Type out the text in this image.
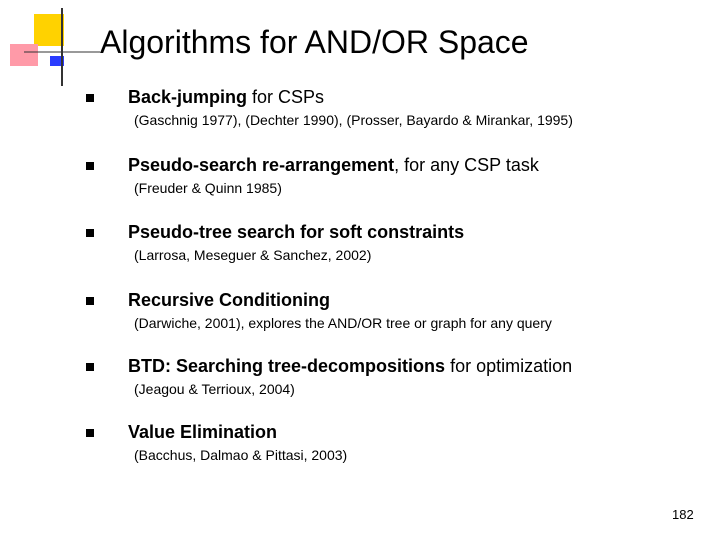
Algorithms for AND/OR Space
Back-jumping for CSPs
(Gaschnig 1977), (Dechter 1990), (Prosser, Bayardo & Mirankar, 1995)
Pseudo-search re-arrangement, for any CSP task
(Freuder & Quinn 1985)
Pseudo-tree search for soft constraints
(Larrosa, Meseguer & Sanchez, 2002)
Recursive Conditioning
(Darwiche, 2001), explores the AND/OR tree or graph for any query
BTD: Searching tree-decompositions for optimization
(Jeagou & Terrioux, 2004)
Value Elimination
(Bacchus, Dalmao & Pittasi, 2003)
182
